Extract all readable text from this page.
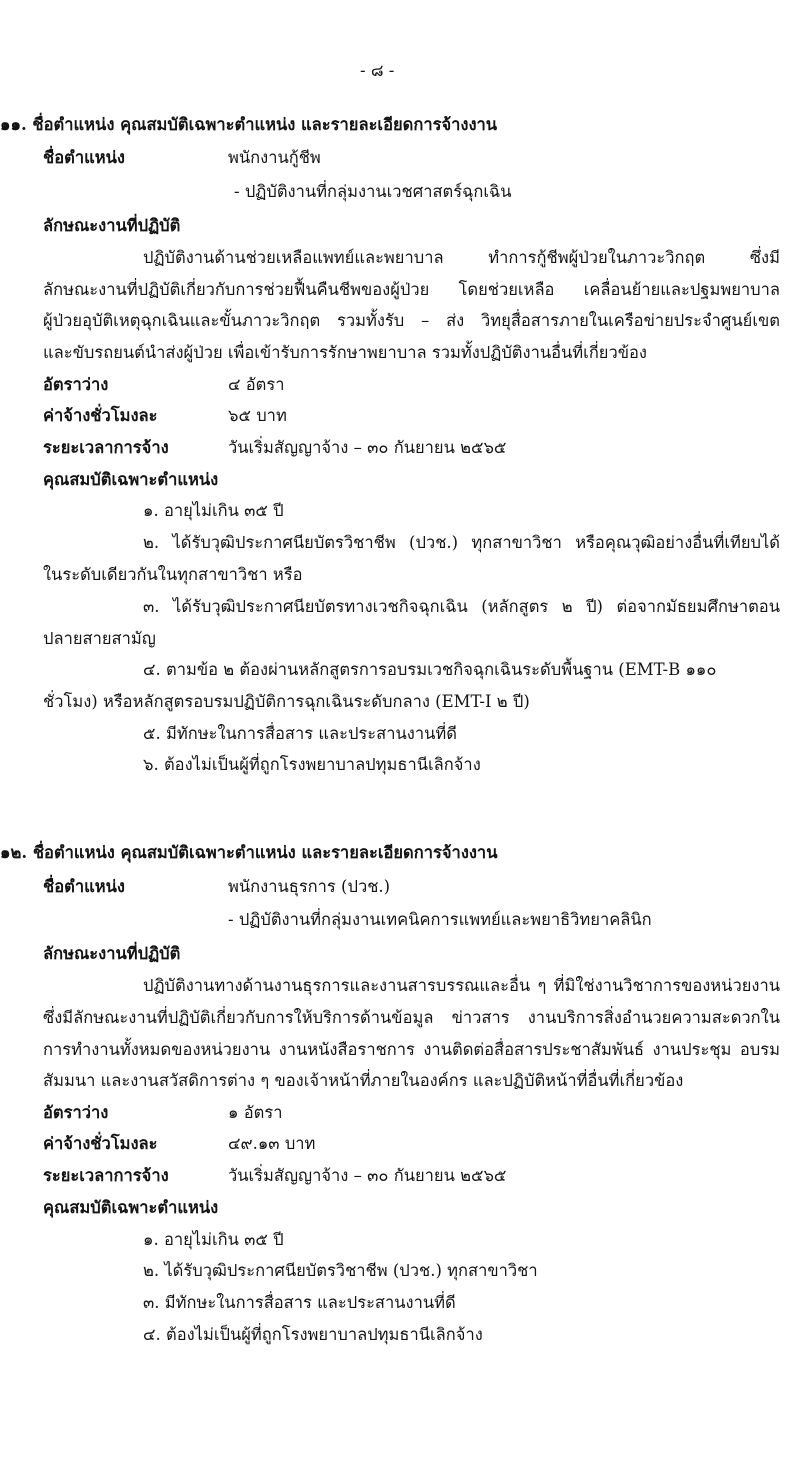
- ๘ -
๑๑. ชื่อตำแหน่ง คุณสมบัติเฉพาะตำแหน่ง และรายละเอียดการจ้างงาน
ชื่อตำแหน่ง	พนักงานกู้ชีพ
- ปฏิบัติงานที่กลุ่มงานเวชศาสตร์ฉุกเฉิน
ลักษณะงานที่ปฏิบัติ
ปฏิบัติงานด้านช่วยเหลือแพทย์และพยาบาล ทำการกู้ชีพผู้ป่วยในภาวะวิกฤต ซึ่งมี
ลักษณะงานที่ปฏิบัติเกี่ยวกับการช่วยฟื้นคืนชีพของผู้ป่วย โดยช่วยเหลือ เคลื่อนย้ายและปฐมพยาบาล
ผู้ป่วยอุบัติเหตุฉุกเฉินและขั้นภาวะวิกฤต รวมทั้งรับ – ส่ง วิทยุสื่อสารภายในเครือข่ายประจำศูนย์เขต
และขับรถยนต์นำส่งผู้ป่วย เพื่อเข้ารับการรักษาพยาบาล รวมทั้งปฏิบัติงานอื่นที่เกี่ยวข้อง
อัตราว่าง	๔ อัตรา
ค่าจ้างชั่วโมงละ	๖๕ บาท
ระยะเวลาการจ้าง	วันเริ่มสัญญาจ้าง – ๓๐ กันยายน ๒๕๖๕
คุณสมบัติเฉพาะตำแหน่ง
๑. อายุไม่เกิน ๓๕ ปี
๒. ได้รับวุฒิประกาศนียบัตรวิชาชีพ (ปวช.) ทุกสาขาวิชา หรือคุณวุฒิอย่างอื่นที่เทียบได้
ในระดับเดียวกันในทุกสาขาวิชา หรือ
๓. ได้รับวุฒิประกาศนียบัตรทางเวชกิจฉุกเฉิน (หลักสูตร ๒ ปี) ต่อจากมัธยมศึกษาตอน
ปลายสายสามัญ
๔. ตามข้อ ๒ ต้องผ่านหลักสูตรการอบรมเวชกิจฉุกเฉินระดับพื้นฐาน (EMT-B ๑๑๐
ชั่วโมง) หรือหลักสูตรอบรมปฏิบัติการฉุกเฉินระดับกลาง (EMT-I ๒ ปี)
๕. มีทักษะในการสื่อสาร และประสานงานที่ดี
๖. ต้องไม่เป็นผู้ที่ถูกโรงพยาบาลปทุมธานีเลิกจ้าง
๑๒. ชื่อตำแหน่ง คุณสมบัติเฉพาะตำแหน่ง และรายละเอียดการจ้างงาน
ชื่อตำแหน่ง	พนักงานธุรการ (ปวช.)
- ปฏิบัติงานที่กลุ่มงานเทคนิคการแพทย์และพยาธิวิทยาคลินิก
ลักษณะงานที่ปฏิบัติ
ปฏิบัติงานทางด้านงานธุรการและงานสารบรรณและอื่น ๆ ที่มิใช่งานวิชาการของหน่วยงาน
ซึ่งมีลักษณะงานที่ปฏิบัติเกี่ยวกับการให้บริการด้านข้อมูล ข่าวสาร งานบริการสิ่งอำนวยความสะดวกใน
การทำงานทั้งหมดของหน่วยงาน งานหนังสือราชการ งานติดต่อสื่อสารประชาสัมพันธ์ งานประชุม อบรม
สัมมนา และงานสวัสดิการต่าง ๆ ของเจ้าหน้าที่ภายในองค์กร และปฏิบัติหน้าที่อื่นที่เกี่ยวข้อง
อัตราว่าง	๑ อัตรา
ค่าจ้างชั่วโมงละ	๔๙.๑๓ บาท
ระยะเวลาการจ้าง	วันเริ่มสัญญาจ้าง – ๓๐ กันยายน ๒๕๖๕
คุณสมบัติเฉพาะตำแหน่ง
๑. อายุไม่เกิน ๓๕ ปี
๒. ได้รับวุฒิประกาศนียบัตรวิชาชีพ (ปวช.) ทุกสาขาวิชา
๓. มีทักษะในการสื่อสาร และประสานงานที่ดี
๔. ต้องไม่เป็นผู้ที่ถูกโรงพยาบาลปทุมธานีเลิกจ้าง
